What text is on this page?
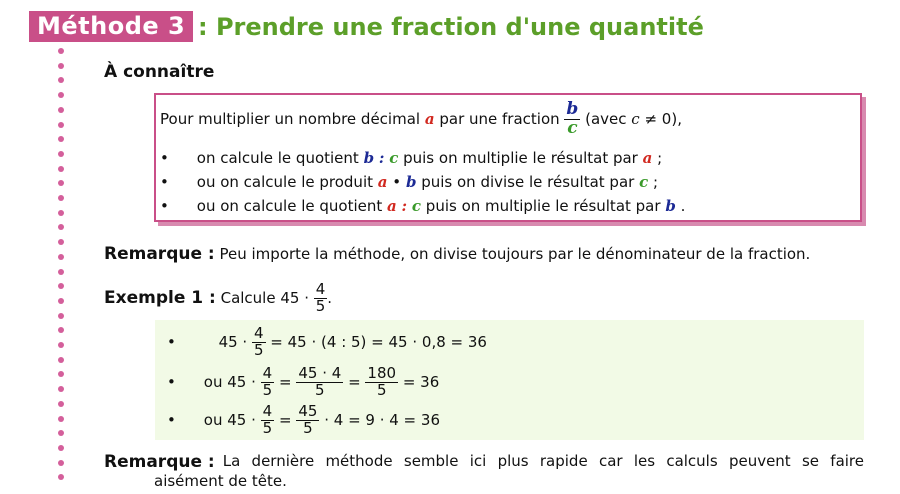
Méthode 3 : Prendre une fraction d'une quantité
À connaître
Pour multiplier un nombre décimal a par une fraction $\frac{b}{c}$ (avec c ≠ 0),
• on calcule le quotient b : c puis on multiplie le résultat par a ;
• ou on calcule le produit a • b puis on divise le résultat par c ;
• ou on calcule le quotient a : c puis on multiplie le résultat par b .
Remarque : Peu importe la méthode, on divise toujours par le dénominateur de la fraction.
Exemple 1 : Calcule $45 \cdot \frac{4}{5}$ .
•	$45 \cdot \frac{4}{5} = 45 \cdot (4$ : 5) = 45 · 0,8 = 36
• ou $45 \cdot \frac{4}{5} = \frac{45 \cdot 4}{5} = \frac{180}{5} = 36$
• ou $45 \cdot \frac{4}{5} = \frac{45}{5} \cdot 4 = 9 \cdot 4 = 36$
Remarque : La dernière méthode semble ici plus rapide car les calculs peuvent se faire
aisément de tête.
